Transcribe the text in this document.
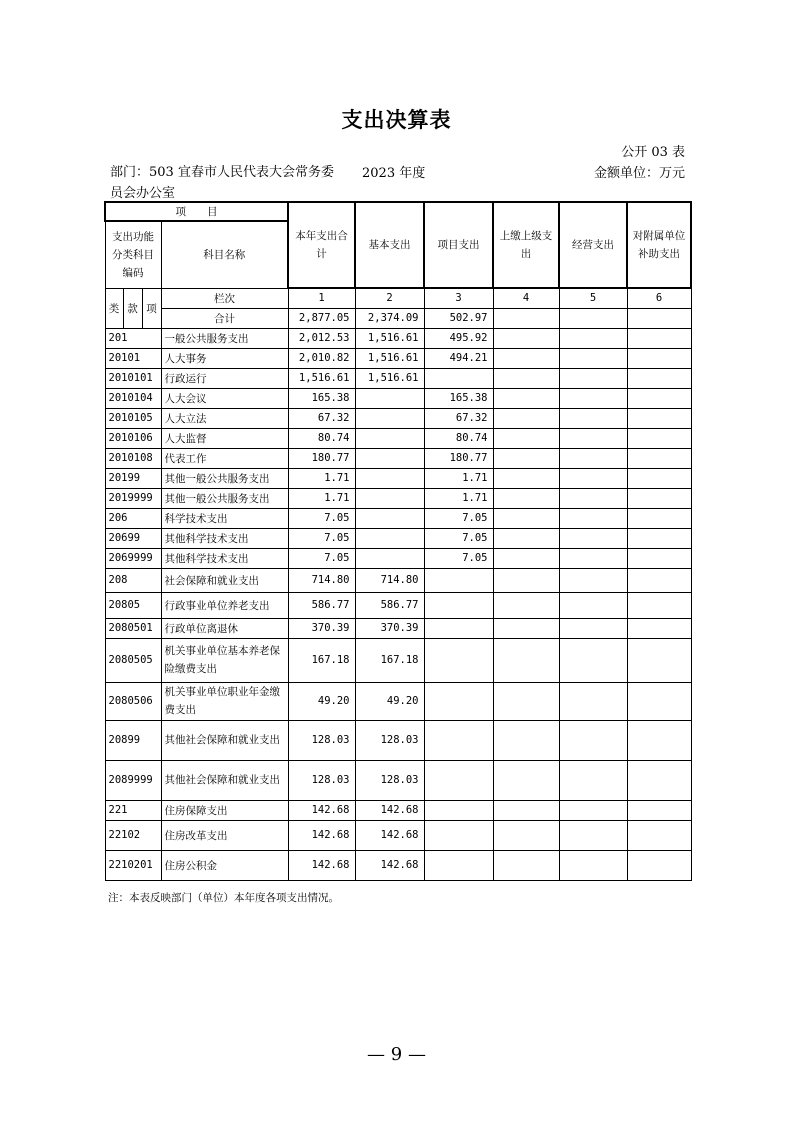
支出决算表
公开 03 表
部门：503 宜春市人民代表大会常务委员会办公室
2023 年度	金额单位：万元
项　　目				本年支出合计	基本支出	项目支出	上缴上级支出	经营支出	对附属单位补助支出
支出功能分类科目编码			科目名称						
类	款	项	栏次	1	2	3	4	5	6
			合计	2,877.05	2,374.09	502.97			
201			一般公共服务支出	2,012.53	1,516.61	495.92			
20101			人大事务	2,010.82	1,516.61	494.21			
2010101			行政运行	1,516.61	1,516.61				
2010104			人大会议	165.38		165.38			
2010105			人大立法	67.32		67.32			
2010106			人大监督	80.74		80.74			
2010108			代表工作	180.77		180.77			
20199			其他一般公共服务支出	1.71		1.71			
2019999			其他一般公共服务支出	1.71		1.71			
206			科学技术支出	7.05		7.05			
20699			其他科学技术支出	7.05		7.05			
2069999			其他科学技术支出	7.05		7.05			
208			社会保障和就业支出	714.80	714.80				
20805			行政事业单位养老支出	586.77	586.77				
2080501			行政单位离退休	370.39	370.39				
2080505			机关事业单位基本养老保险缴费支出	167.18	167.18				
2080506			机关事业单位职业年金缴费支出	49.20	49.20				
20899			其他社会保障和就业支出	128.03	128.03				
2089999			其他社会保障和就业支出	128.03	128.03				
221			住房保障支出	142.68	142.68				
22102			住房改革支出	142.68	142.68				
2210201			住房公积金	142.68	142.68				
注：本表反映部门（单位）本年度各项支出情况。
— 9 —
